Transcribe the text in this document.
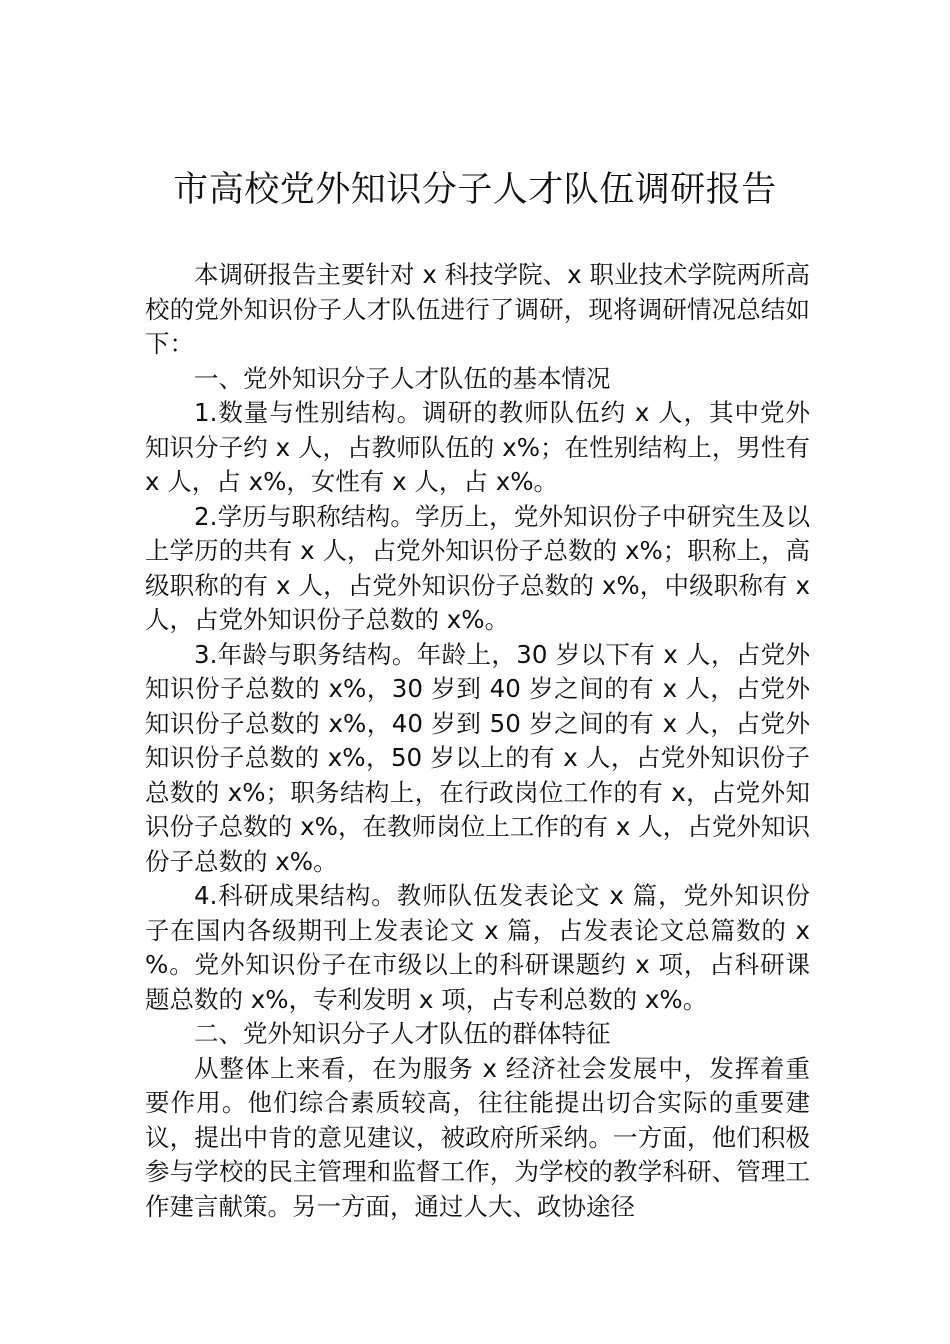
市高校党外知识分子人才队伍调研报告

本调研报告主要针对 x 科技学院、x 职业技术学院两所高校的党外知识份子人才队伍进行了调研，现将调研情况总结如下：

一、党外知识分子人才队伍的基本情况

1.数量与性别结构。调研的教师队伍约 x 人，其中党外知识分子约 x 人，占教师队伍的 x%；在性别结构上，男性有 x 人，占 x%，女性有 x 人，占 x%。

2.学历与职称结构。学历上，党外知识份子中研究生及以上学历的共有 x 人，占党外知识份子总数的 x%；职称上，高级职称的有 x 人，占党外知识份子总数的 x%，中级职称有 x 人，占党外知识份子总数的 x%。

3.年龄与职务结构。年龄上，30 岁以下有 x 人，占党外知识份子总数的 x%，30 岁到 40 岁之间的有 x 人，占党外知识份子总数的 x%，40 岁到 50 岁之间的有 x 人，占党外知识份子总数的 x%，50 岁以上的有 x 人，占党外知识份子总数的 x%；职务结构上，在行政岗位工作的有 x，占党外知识份子总数的 x%，在教师岗位上工作的有 x 人，占党外知识份子总数的 x%。

4.科研成果结构。教师队伍发表论文 x 篇，党外知识份子在国内各级期刊上发表论文 x 篇，占发表论文总篇数的 x %。党外知识份子在市级以上的科研课题约 x 项，占科研课题总数的 x%，专利发明 x 项，占专利总数的 x%。

二、党外知识分子人才队伍的群体特征

从整体上来看，在为服务 x 经济社会发展中，发挥着重要作用。他们综合素质较高，往往能提出切合实际的重要建议，提出中肯的意见建议，被政府所采纳。一方面，他们积极参与学校的民主管理和监督工作，为学校的教学科研、管理工作建言献策。另一方面，通过人大、政协途径
